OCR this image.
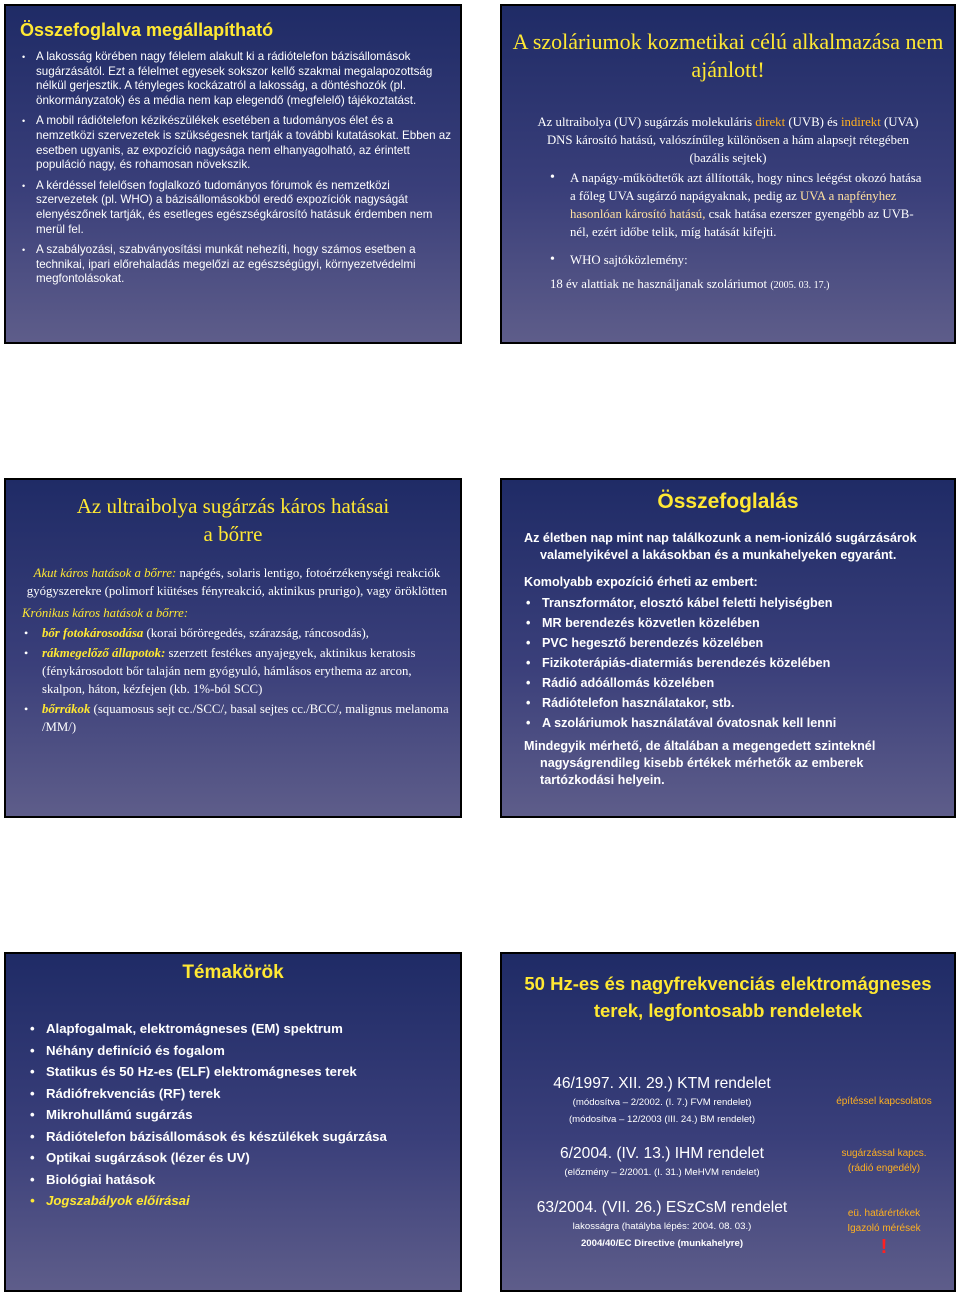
Összefoglalva megállapítható
• A lakosság körében nagy félelem alakult ki a rádiótelefon bázisállomások sugárzásától. Ezt a félelmet egyesek sokszor kellő szakmai megalapozottság nélkül gerjesztik. A tényleges kockázatról a lakosság, a döntéshozók (pl. önkormányzatok) és a média nem kap elegendő (megfelelő) tájékoztatást.
• A mobil rádiótelefon kézikészülékek esetében a tudományos élet és a nemzetközi szervezetek is szükségesnek tartják a további kutatásokat. Ebben az esetben ugyanis, az expozíció nagysága nem elhanyagolható, az érintett populáció nagy, és rohamosan növekszik.
• A kérdéssel felelősen foglalkozó tudományos fórumok és nemzetközi szervezetek (pl. WHO) a bázisállomásokból eredő expozíciók nagyságát elenyészőnek tartják, és esetleges egészségkárosító hatásuk érdemben nem merül fel.
• A szabályozási, szabványosítási munkát nehezíti, hogy számos esetben a technikai, ipari előrehaladás megelőzi az egészségügyi, környezetvédelmi megfontolásokat.
A szoláriumok kozmetikai célú alkalmazása nem ajánlott!
Az ultraibolya (UV) sugárzás molekuláris direkt (UVB) és indirekt (UVA) DNS károsító hatású, valószínűleg különösen a hám alapsejt rétegében (bazális sejtek)
• A napágy-működtetők azt állították, hogy nincs leégést okozó hatása a főleg UVA sugárzó napágyaknak, pedig az UVA a napfényhez hasonlóan károsító hatású, csak hatása ezerszer gyengébb az UVB-nél, ezért időbe telik, míg hatását kifejti.
• WHO sajtóközlemény:
18 év alattiak ne használjanak szoláriumot (2005. 03. 17.)
Az ultraibolya sugárzás káros hatásai
a bőrre
Akut káros hatások a bőrre: napégés, solaris lentigo, fotoérzékenységi reakciók gyógyszerekre (polimorf kiütéses fényreakció, aktinikus prurigo), vagy öröklötten
Krónikus káros hatások a bőrre:
• bőr fotokárosodása (korai bőröregedés, szárazság, ráncosodás),
• rákmegelőző állapotok: szerzett festékes anyajegyek, aktinikus keratosis (fénykárosodott bőr talaján nem gyógyuló, hámlásos erythema az arcon, skalpon, háton, kézfejen (kb. 1%-ból SCC)
• bőrrákok (squamosus sejt cc./SCC/, basal sejtes cc./BCC/, malignus melanoma /MM/)
Összefoglalás
Az életben nap mint nap találkozunk a nem-ionizáló sugárzásárok valamelyikével a lakásokban és a munkahelyeken egyaránt.
Komolyabb expozíció érheti az embert:
• Transzformátor, elosztó kábel feletti helyiségben
• MR berendezés közvetlen közelében
• PVC hegesztő berendezés közelében
• Fizikoterápiás-diatermiás berendezés közelében
• Rádió adóállomás közelében
• Rádiótelefon használatakor, stb.
• A szoláriumok használatával óvatosnak kell lenni
Mindegyik mérhető, de általában a megengedett szinteknél nagyságrendileg kisebb értékek mérhetők az emberek tartózkodási helyein.
Témakörök
• Alapfogalmak, elektromágneses (EM) spektrum
• Néhány definíció és fogalom
• Statikus és 50 Hz-es (ELF) elektromágneses terek
• Rádiófrekvenciás (RF) terek
• Mikrohullámú sugárzás
• Rádiótelefon bázisállomások és készülékek sugárzása
• Optikai sugárzások (lézer és UV)
• Biológiai hatások
• Jogszabályok előírásai
50 Hz-es és nagyfrekvenciás elektromágneses terek, legfontosabb rendeletek
46/1997. XII. 29.) KTM rendelet
(módosítva – 2/2002. (I. 7.) FVM rendelet)
(módosítva – 12/2003 (III. 24.) BM rendelet)
6/2004. (IV. 13.) IHM rendelet
(előzmény – 2/2001. (I. 31.) MeHVM rendelet)
63/2004. (VII. 26.) ESzCsM rendelet
lakosságra (hatályba lépés: 2004. 08. 03.)
2004/40/EC Directive (munkahelyre)
építéssel kapcsolatos
sugárzással kapcs.
(rádió engedély)
eü. határértékek
Igazoló mérések
!
